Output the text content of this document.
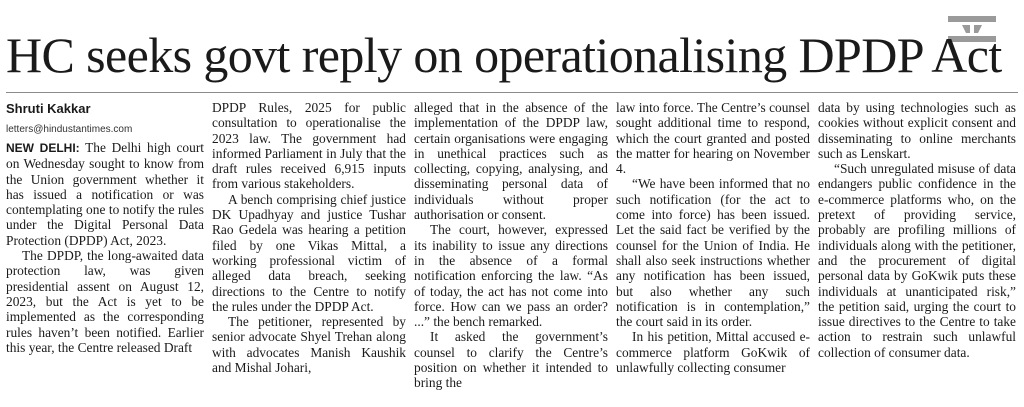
HC seeks govt reply on operationalising DPDP Act
Shruti Kakkar
letters@hindustantimes.com

NEW DELHI: The Delhi high court on Wednesday sought to know from the Union government whether it has issued a notification or was contemplating one to notify the rules under the Digital Personal Data Protection (DPDP) Act, 2023.

The DPDP, the long-awaited data protection law, was given presidential assent on August 12, 2023, but the Act is yet to be implemented as the corresponding rules haven’t been notified. Earlier this year, the Centre released Draft

DPDP Rules, 2025 for public consultation to operationalise the 2023 law. The government had informed Parliament in July that the draft rules received 6,915 inputs from various stakeholders.

A bench comprising chief justice DK Upadhyay and justice Tushar Rao Gedela was hearing a petition filed by one Vikas Mittal, a working professional victim of alleged data breach, seeking directions to the Centre to notify the rules under the DPDP Act.

The petitioner, represented by senior advocate Shyel Trehan along with advocates Manish Kaushik and Mishal Johari,

alleged that in the absence of the implementation of the DPDP law, certain organisations were engaging in unethical practices such as collecting, copying, analysing, and disseminating personal data of individuals without proper authorisation or consent.

The court, however, expressed its inability to issue any directions in the absence of a formal notification enforcing the law. “As of today, the act has not come into force. How can we pass an order? ...” the bench remarked.

It asked the government’s counsel to clarify the Centre’s position on whether it intended to bring the

law into force. The Centre’s counsel sought additional time to respond, which the court granted and posted the matter for hearing on November 4.

“We have been informed that no such notification (for the act to come into force) has been issued. Let the said fact be verified by the counsel for the Union of India. He shall also seek instructions whether any notification has been issued, but also whether any such notification is in contemplation,” the court said in its order.

In his petition, Mittal accused e-commerce platform GoKwik of unlawfully collecting consumer

data by using technologies such as cookies without explicit consent and disseminating to online merchants such as Lenskart.

“Such unregulated misuse of data endangers public confidence in the e-commerce platforms who, on the pretext of providing service, probably are profiling millions of individuals along with the petitioner, and the procurement of digital personal data by GoKwik puts these individuals at unanticipated risk,” the petition said, urging the court to issue directives to the Centre to take action to restrain such unlawful collection of consumer data.
